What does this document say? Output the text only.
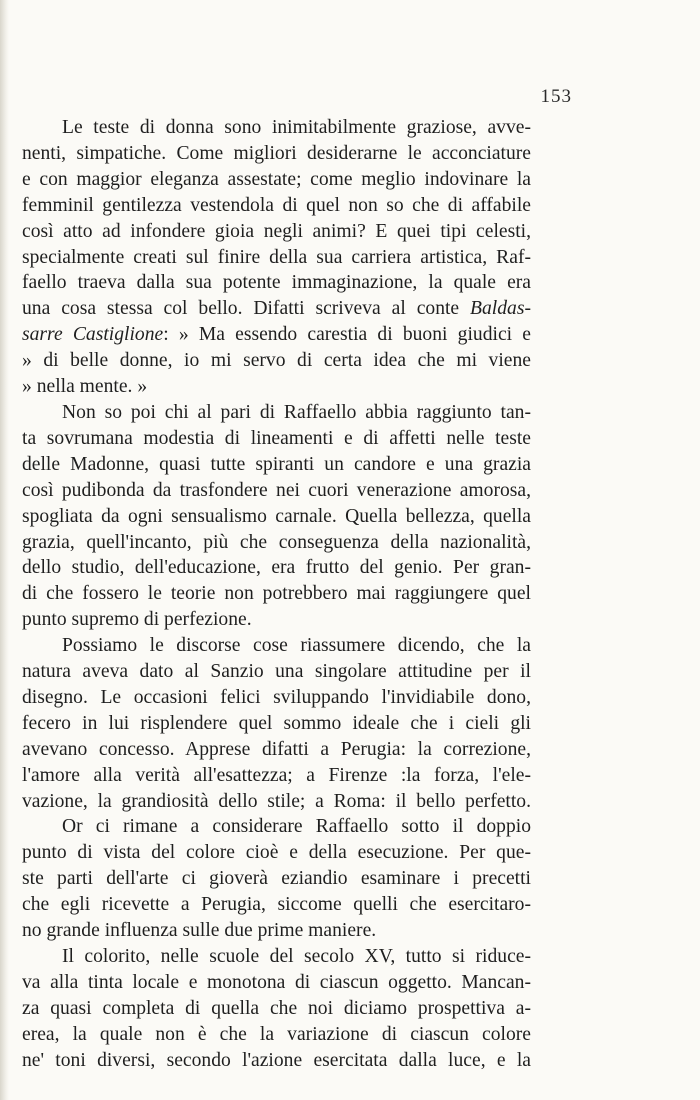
153

Le teste di donna sono inimitabilmente graziose, avve-
nenti, simpatiche. Come migliori desiderarne le acconciature
e con maggior eleganza assestate; come meglio indovinare la
femminil gentilezza vestendola di quel non so che di affabile
così atto ad infondere gioia negli animi? E quei tipi celesti,
specialmente creati sul finire della sua carriera artistica, Raf-
faello traeva dalla sua potente immaginazione, la quale era
una cosa stessa col bello. Difatti scriveva al conte Baldas-
sarre Castiglione: » Ma essendo carestia di buoni giudici e
» di belle donne, io mi servo di certa idea che mi viene
» nella mente. »

Non so poi chi al pari di Raffaello abbia raggiunto tan-
ta sovrumana modestia di lineamenti e di affetti nelle teste
delle Madonne, quasi tutte spiranti un candore e una grazia
così pudibonda da trasfondere nei cuori venerazione amorosa,
spogliata da ogni sensualismo carnale. Quella bellezza, quella
grazia, quell'incanto, più che conseguenza della nazionalità,
dello studio, dell'educazione, era frutto del genio. Per gran-
di che fossero le teorie non potrebbero mai raggiungere quel
punto supremo di perfezione.

Possiamo le discorse cose riassumere dicendo, che la
natura aveva dato al Sanzio una singolare attitudine per il
disegno. Le occasioni felici sviluppando l'invidiabile dono,
fecero in lui risplendere quel sommo ideale che i cieli gli
avevano concesso. Apprese difatti a Perugia: la correzione,
l'amore alla verità all'esattezza; a Firenze :la forza, l'ele-
vazione, la grandiosità dello stile; a Roma: il bello perfetto.

Or ci rimane a considerare Raffaello sotto il doppio
punto di vista del colore cioè e della esecuzione. Per que-
ste parti dell'arte ci gioverà eziandio esaminare i precetti
che egli ricevette a Perugia, siccome quelli che esercitaro-
no grande influenza sulle due prime maniere.

Il colorito, nelle scuole del secolo XV, tutto si riduce-
va alla tinta locale e monotona di ciascun oggetto. Mancan-
za quasi completa di quella che noi diciamo prospettiva a-
erea, la quale non è che la variazione di ciascun colore
ne' toni diversi, secondo l'azione esercitata dalla luce, e la
